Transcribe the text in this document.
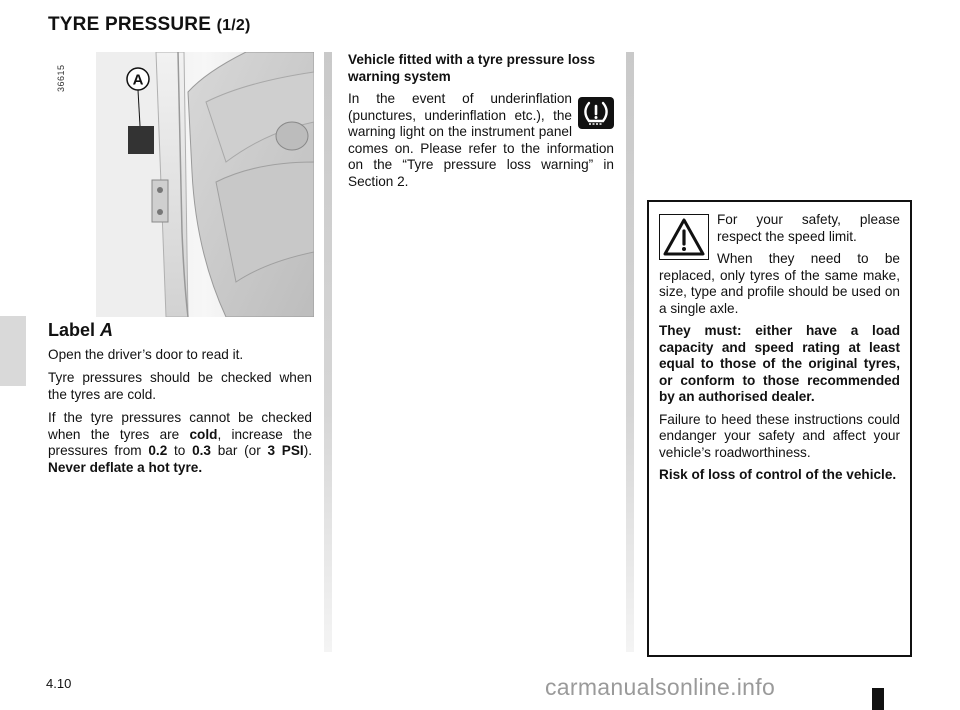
TYRE PRESSURE (1/2)
36615	A
Label A

Open the driver’s door to read it.

Tyre pressures should be checked when the tyres are cold.

If the tyre pressures cannot be checked when the tyres are cold, increase the pressures from 0.2 to 0.3 bar (or 3 PSI). Never deflate a hot tyre.

Vehicle fitted with a tyre pressure loss warning system

In the event of underinflation (punctures, underinflation etc.), the warning light on the instrument panel comes on. Please refer to the information on the “Tyre pressure loss warning” in Section 2.

For your safety, please respect the speed limit.

When they need to be replaced, only tyres of the same make, size, type and profile should be used on a single axle.

They must: either have a load capacity and speed rating at least equal to those of the original tyres, or conform to those recommended by an authorised dealer.

Failure to heed these instructions could endanger your safety and affect your vehicle’s roadworthiness.

Risk of loss of control of the vehicle.

4.10	carmanualsonline.info
